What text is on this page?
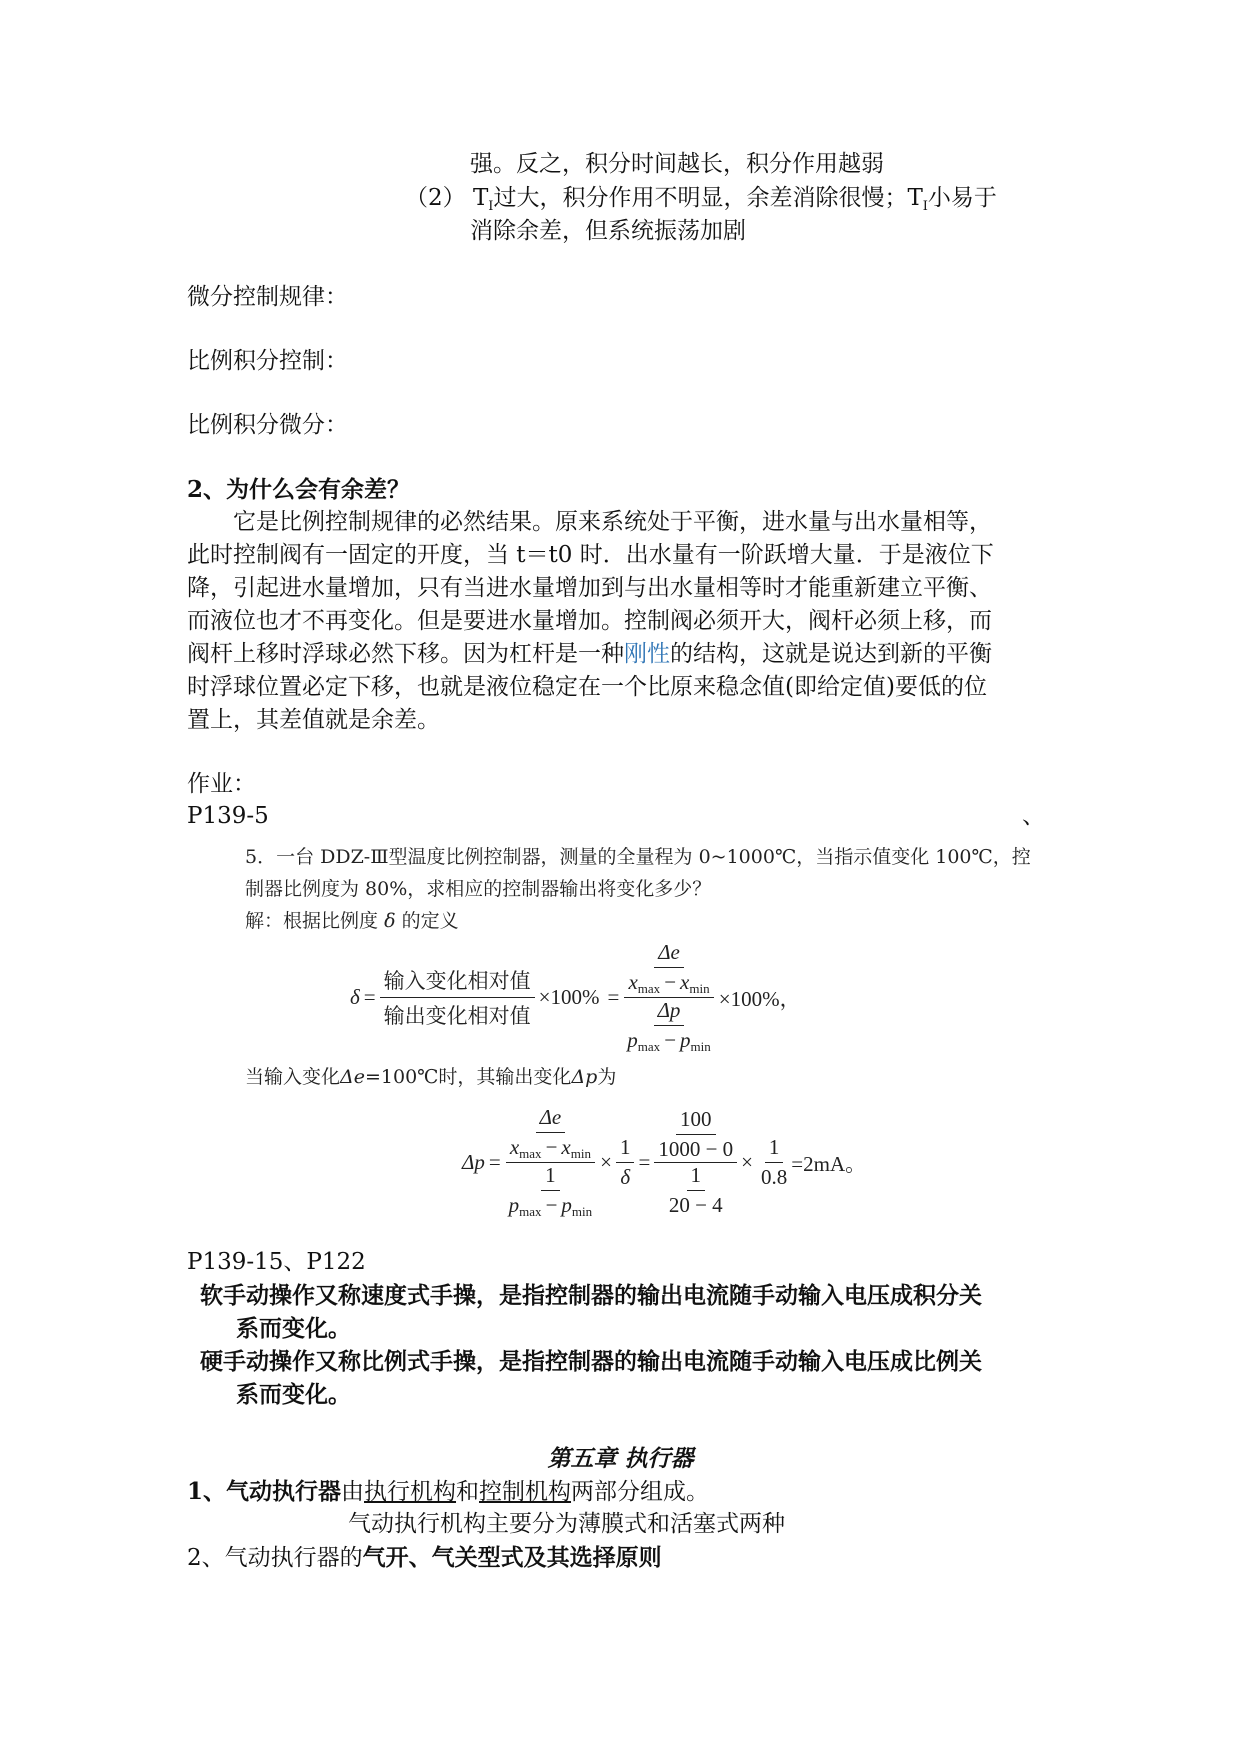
强。反之，积分时间越长，积分作用越弱
（2） $T_I$过大，积分作用不明显，余差消除很慢；$T_I$小易于
消除余差，但系统振荡加剧
微分控制规律：
比例积分控制：
比例积分微分：
2、为什么会有余差？
　　它是比例控制规律的必然结果。原来系统处于平衡，进水量与出水量相等，
此时控制阀有一固定的开度，当 t＝t0 时．出水量有一阶跃增大量．于是液位下
降，引起进水量增加，只有当进水量增加到与出水量相等时才能重新建立平衡、
而液位也才不再变化。但是要进水量增加。控制阀必须开大，阀杆必须上移，而
阀杆上移时浮球必然下移。因为杠杆是一种刚性的结构，这就是说达到新的平衡
时浮球位置必定下移，也就是液位稳定在一个比原来稳念值(即给定值)要低的位
置上，其差值就是余差。
作业：
P139-5	、
5．一台 DDZ-Ⅲ型温度比例控制器，测量的全量程为 0~1000℃，当指示值变化 100℃，控
制器比例度为 80%，求相应的控制器输出将变化多少？
解：根据比例度 δ 的定义
$\delta = \frac{\text{输入变化相对值}}{\text{输出变化相对值}} \times 100\% = \frac{\frac{\Delta e}{xmax - xmin}}{\frac{\Delta p}{pmax - pmin}} \times 100\%$，
当输入变化Δe=100℃时，其输出变化Δp为
$\Delta p = \frac{\frac{\Delta e}{xmax - xmin}}{\frac{1}{pmax - pmin}} \times \frac{1}{\delta} = \frac{\frac{100}{1000 - 0}}{\frac{1}{20 - 4}} \times \frac{1}{0.8} =2mA$。
P139-15、P122
软手动操作又称速度式手操，是指控制器的输出电流随手动输入电压成积分关
系而变化。
硬手动操作又称比例式手操，是指控制器的输出电流随手动输入电压成比例关
系而变化。
第五章 执行器
1、气动执行器由执行机构和控制机构两部分组成。
气动执行机构主要分为薄膜式和活塞式两种
2、气动执行器的气开、气关型式及其选择原则
